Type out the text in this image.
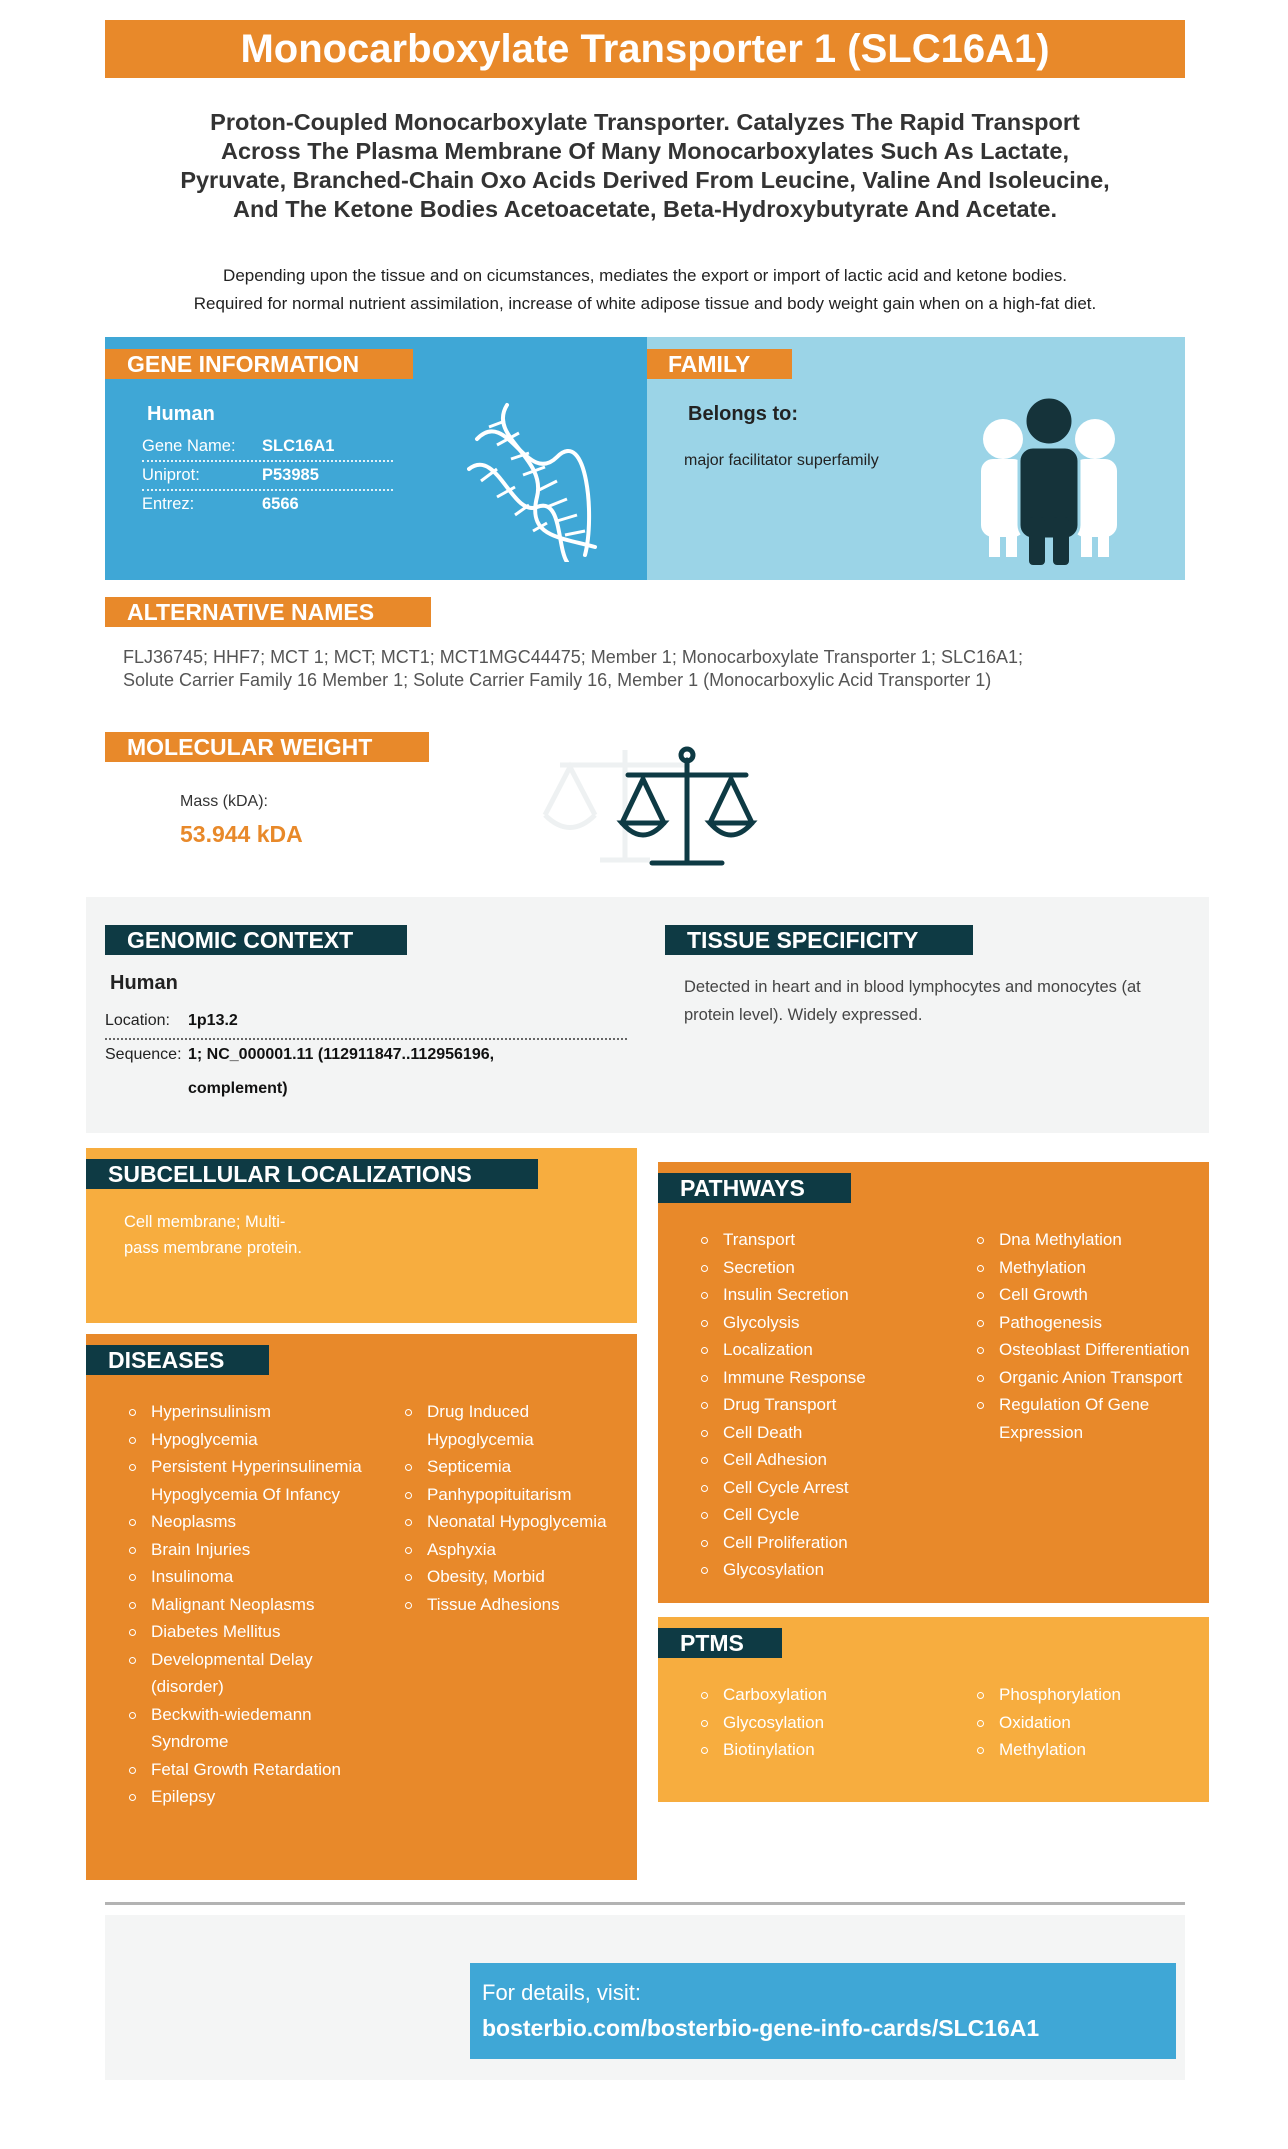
Monocarboxylate Transporter 1 (SLC16A1)
Proton-Coupled Monocarboxylate Transporter. Catalyzes The Rapid Transport
Across The Plasma Membrane Of Many Monocarboxylates Such As Lactate,
Pyruvate, Branched-Chain Oxo Acids Derived From Leucine, Valine And Isoleucine,
And The Ketone Bodies Acetoacetate, Beta-Hydroxybutyrate And Acetate.
Depending upon the tissue and on cicumstances, mediates the export or import of lactic acid and ketone bodies.
Required for normal nutrient assimilation, increase of white adipose tissue and body weight gain when on a high-fat diet.
GENE INFORMATION
Human
Gene Name:	SLC16A1
Uniprot:	P53985
Entrez:	6566
FAMILY
Belongs to:
major facilitator superfamily
ALTERNATIVE NAMES
FLJ36745; HHF7; MCT 1; MCT; MCT1; MCT1MGC44475; Member 1; Monocarboxylate Transporter 1; SLC16A1;
Solute Carrier Family 16 Member 1; Solute Carrier Family 16, Member 1 (Monocarboxylic Acid Transporter 1)
MOLECULAR WEIGHT
Mass (kDA):
53.944 kDA
GENOMIC CONTEXT
Human
Location: 1p13.2
Sequence: 1; NC_000001.11 (112911847..112956196,
complement)
TISSUE SPECIFICITY
Detected in heart and in blood lymphocytes and monocytes (at
protein level). Widely expressed.
SUBCELLULAR LOCALIZATIONS
Cell membrane; Multi-
pass membrane protein.
DISEASES
Hyperinsulinism
Hypoglycemia
Persistent Hyperinsulinemia Hypoglycemia Of Infancy
Neoplasms
Brain Injuries
Insulinoma
Malignant Neoplasms
Diabetes Mellitus
Developmental Delay (disorder)
Beckwith-wiedemann Syndrome
Fetal Growth Retardation
Epilepsy
Drug Induced Hypoglycemia
Septicemia
Panhypopituitarism
Neonatal Hypoglycemia
Asphyxia
Obesity, Morbid
Tissue Adhesions
PATHWAYS
Transport
Secretion
Insulin Secretion
Glycolysis
Localization
Immune Response
Drug Transport
Cell Death
Cell Adhesion
Cell Cycle Arrest
Cell Cycle
Cell Proliferation
Glycosylation
Dna Methylation
Methylation
Cell Growth
Pathogenesis
Osteoblast Differentiation
Organic Anion Transport
Regulation Of Gene Expression
PTMS
Carboxylation
Glycosylation
Biotinylation
Phosphorylation
Oxidation
Methylation
For details, visit:
bosterbio.com/bosterbio-gene-info-cards/SLC16A1
